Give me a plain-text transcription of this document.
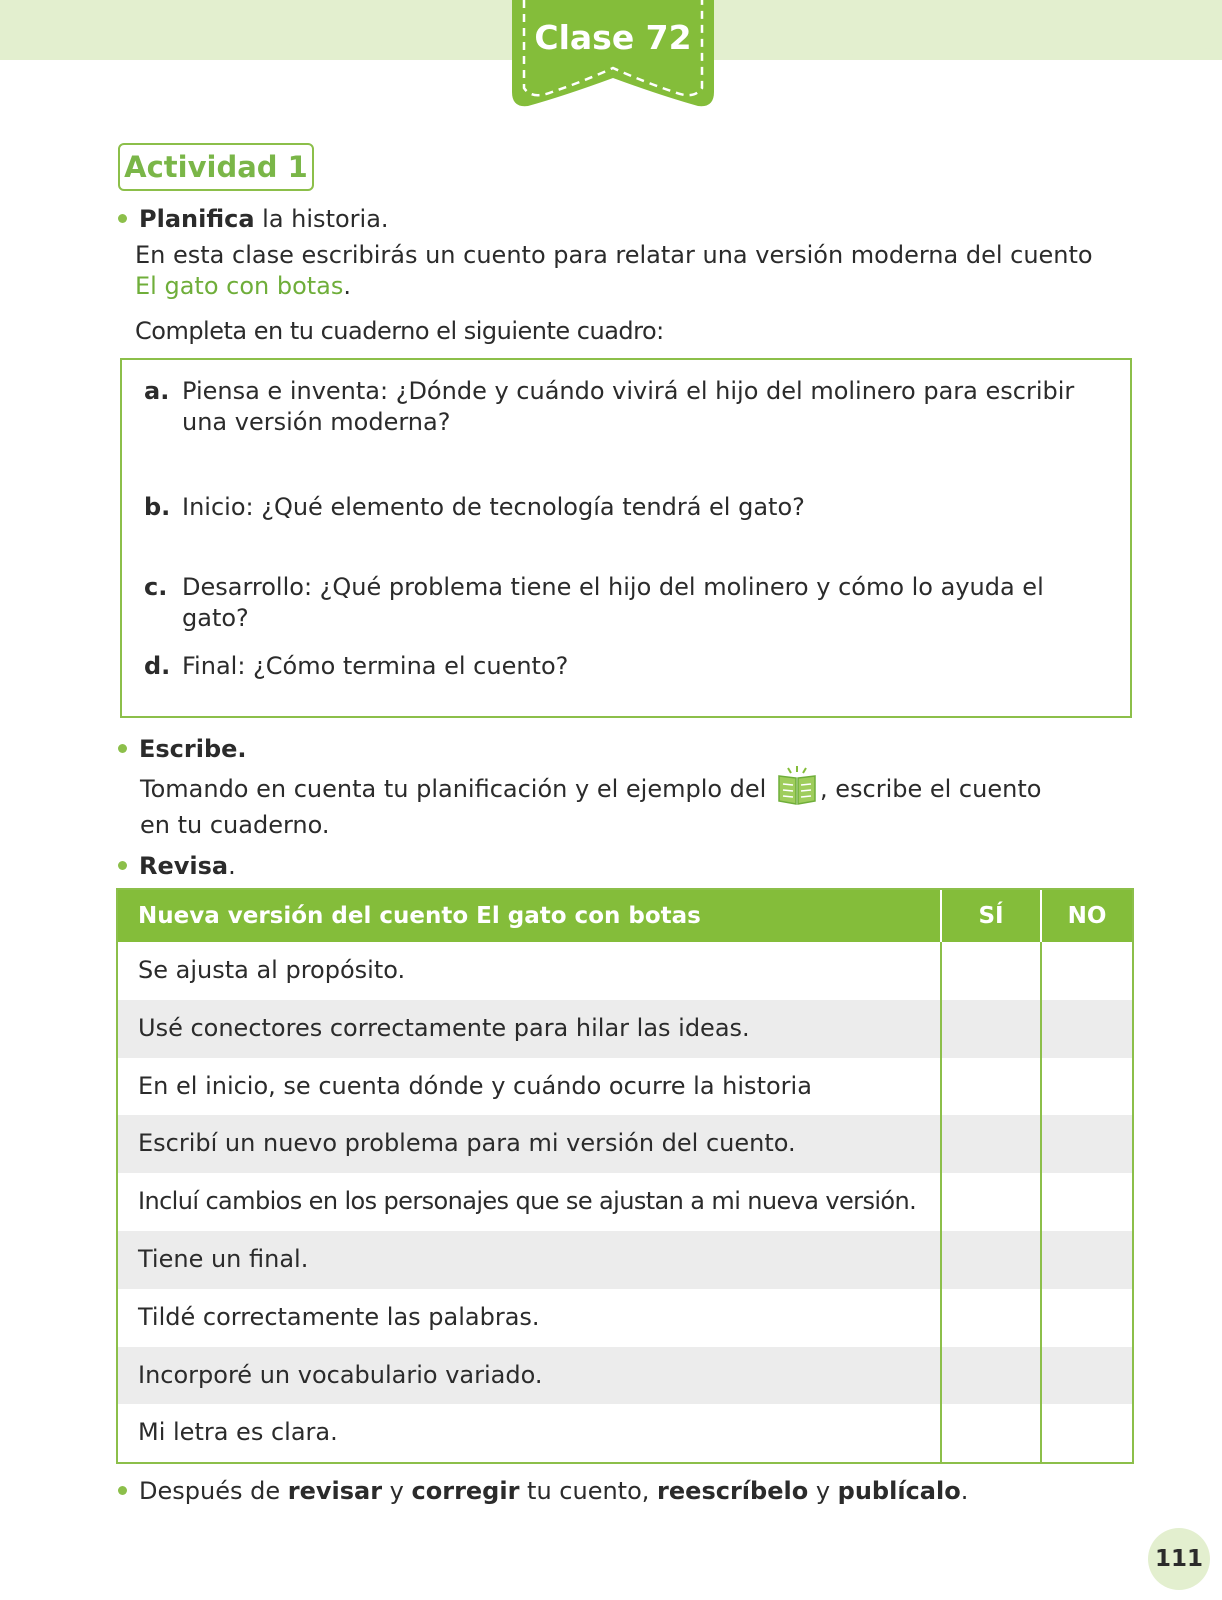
Clase 72
Actividad 1
Planifica la historia.
En esta clase escribirás un cuento para relatar una versión moderna del cuento
El gato con botas.
Completa en tu cuaderno el siguiente cuadro:
a. Piensa e inventa: ¿Dónde y cuándo vivirá el hijo del molinero para escribir una versión moderna?
b. Inicio: ¿Qué elemento de tecnología tendrá el gato?
c. Desarrollo: ¿Qué problema tiene el hijo del molinero y cómo lo ayuda el gato?
d. Final: ¿Cómo termina el cuento?
Escribe.
Tomando en cuenta tu planificación y el ejemplo del , escribe el cuento
en tu cuaderno.
Revisa.
Nueva versión del cuento El gato con botas	SÍ	NO
Se ajusta al propósito.
Usé conectores correctamente para hilar las ideas.
En el inicio, se cuenta dónde y cuándo ocurre la historia
Escribí un nuevo problema para mi versión del cuento.
Incluí cambios en los personajes que se ajustan a mi nueva versión.
Tiene un final.
Tildé correctamente las palabras.
Incorporé un vocabulario variado.
Mi letra es clara.
Después de revisar y corregir tu cuento, reescríbelo y publícalo.
111
